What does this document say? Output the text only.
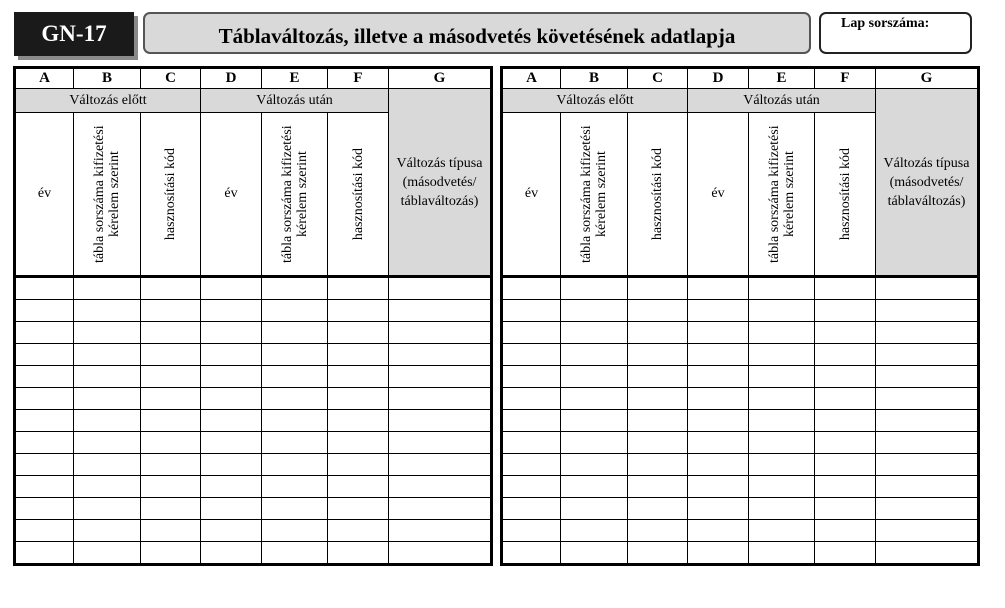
GN-17	Táblaváltozás, illetve a másodvetés követésének adatlapja	Lap sorszáma:
A	B	C	D	E	F	G
Változás előtt			Változás után			Változás típusa (másodvetés/ táblaváltozás)

év	tábla sorszáma kifizetési kérelem szerint	hasznosítási kód	év	tábla sorszáma kifizetési kérelem szerint	hasznosítási kód	

A	B	C	D	E	F	G
Változás előtt			Változás után			Változás típusa (másodvetés/ táblaváltozás)

év	tábla sorszáma kifizetési kérelem szerint	hasznosítási kód	év	tábla sorszáma kifizetési kérelem szerint	hasznosítási kód	
